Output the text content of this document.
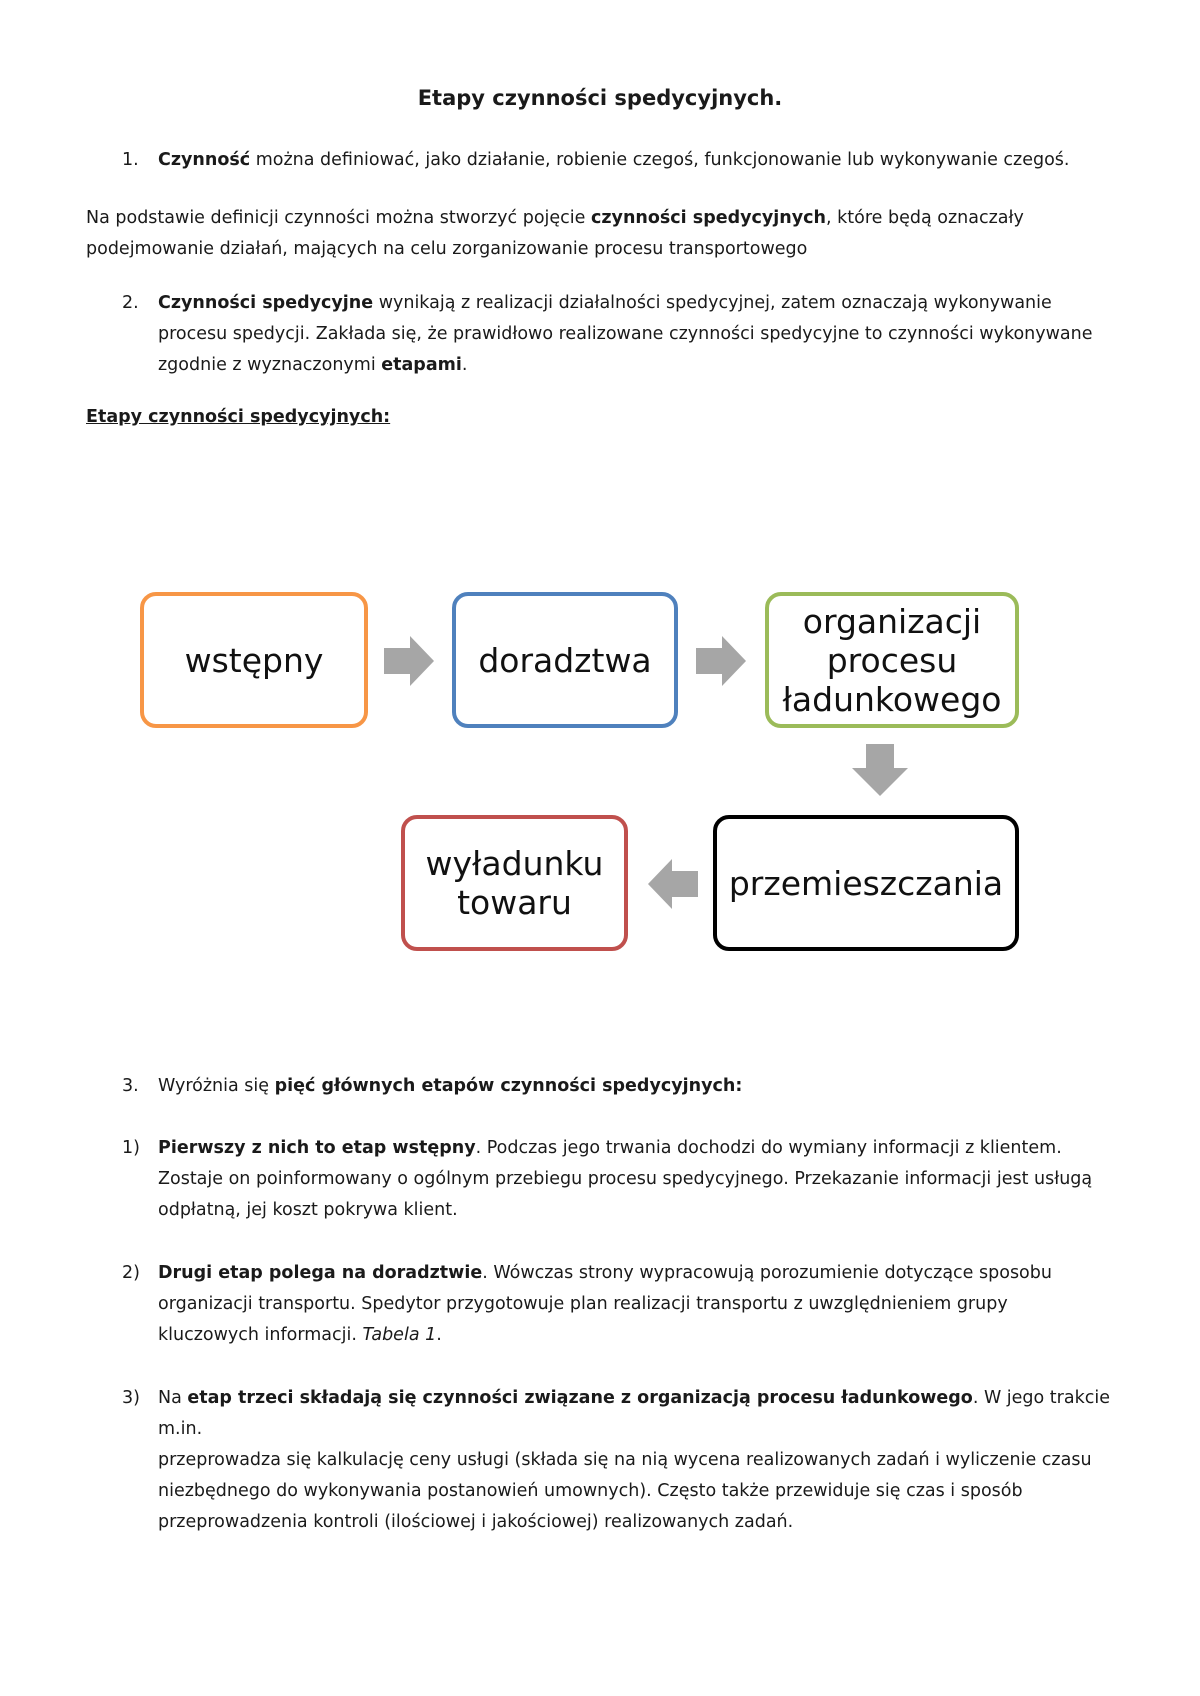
Etapy czynności spedycyjnych.
1.	Czynność można definiować, jako działanie, robienie czegoś, funkcjonowanie lub wykonywanie czegoś.
Na podstawie definicji czynności można stworzyć pojęcie czynności spedycyjnych, które będą oznaczały
podejmowanie działań, mających na celu zorganizowanie procesu transportowego
2.	Czynności spedycyjne wynikają z realizacji działalności spedycyjnej, zatem oznaczają wykonywanie
procesu spedycji. Zakłada się, że prawidłowo realizowane czynności spedycyjne to czynności wykonywane
zgodnie z wyznaczonymi etapami.
Etapy czynności spedycyjnych:
wstępny	doradztwa
organizacji
procesu
ładunkowego
przemieszczania
wyładunku
towaru
3.	Wyróżnia się pięć głównych etapów czynności spedycyjnych:
1)	Pierwszy z nich to etap wstępny. Podczas jego trwania dochodzi do wymiany informacji z klientem.
Zostaje on poinformowany o ogólnym przebiegu procesu spedycyjnego. Przekazanie informacji jest usługą
odpłatną, jej koszt pokrywa klient.
2)	Drugi etap polega na doradztwie. Wówczas strony wypracowują porozumienie dotyczące sposobu
organizacji transportu. Spedytor przygotowuje plan realizacji transportu z uwzględnieniem grupy
kluczowych informacji. Tabela 1.
3)	Na etap trzeci składają się czynności związane z organizacją procesu ładunkowego. W jego trakcie m.in.
przeprowadza się kalkulację ceny usługi (składa się na nią wycena realizowanych zadań i wyliczenie czasu
niezbędnego do wykonywania postanowień umownych). Często także przewiduje się czas i sposób
przeprowadzenia kontroli (ilościowej i jakościowej) realizowanych zadań.
